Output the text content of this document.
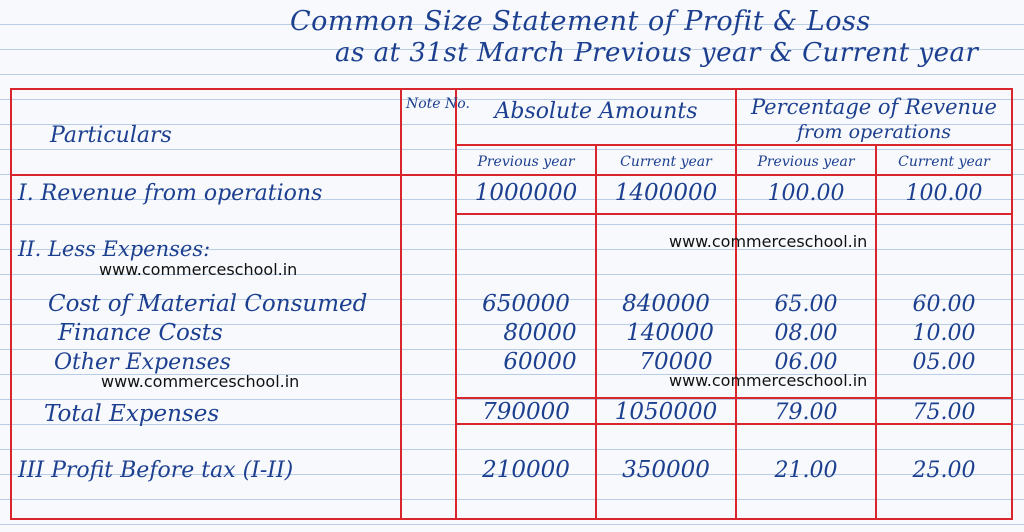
Common Size Statement of Profit & Loss
as at 31st March Previous year & Current year
Particulars
Note No. Absolute Amounts	Percentage of Revenue
from operations
Previous year	Current year	Previous year	Current year
I. Revenue from operations	1000000 1400000 100.00	100.00
II. Less Expenses:
Cost of Material Consumed	650000 840000	65.00	60.00
Finance Costs	80000 140000	08.00	10.00
Other Expenses	60000	70000	06.00	05.00
Total Expenses	790000 1050000	79.00	75.00
III Profit Before tax (I-II)	210000 350000	21.00	25.00
www.commerceschool.in
www.commerceschool.in
www.commerceschool.in	www.commerceschool.in
